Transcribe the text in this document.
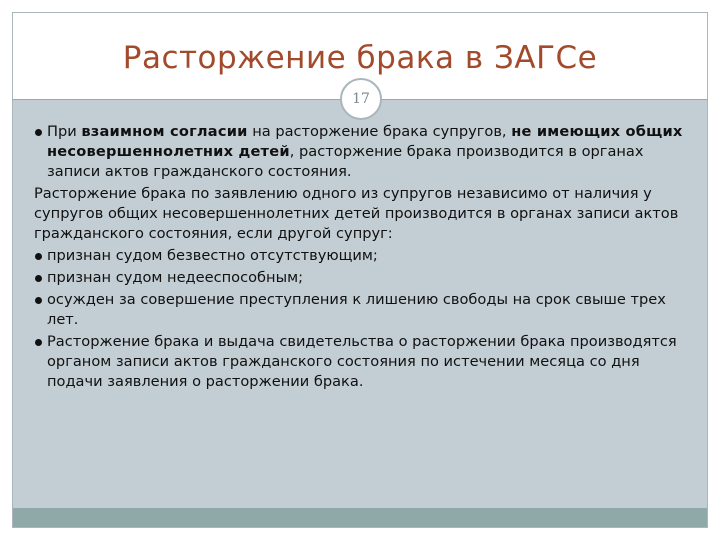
Расторжение брака в ЗАГСе
17

При взаимном согласии на расторжение брака супругов, не имеющих общих несовершеннолетних детей, расторжение брака производится в органах записи актов гражданского состояния.

Расторжение брака по заявлению одного из супругов независимо от наличия у супругов общих несовершеннолетних детей производится в органах записи актов гражданского состояния, если другой супруг:

признан судом безвестно отсутствующим;

признан судом недееспособным;

осужден за совершение преступления к лишению свободы на срок свыше трех лет.

Расторжение брака и выдача свидетельства о расторжении брака производятся органом записи актов гражданского состояния по истечении месяца со дня подачи заявления о расторжении брака.
